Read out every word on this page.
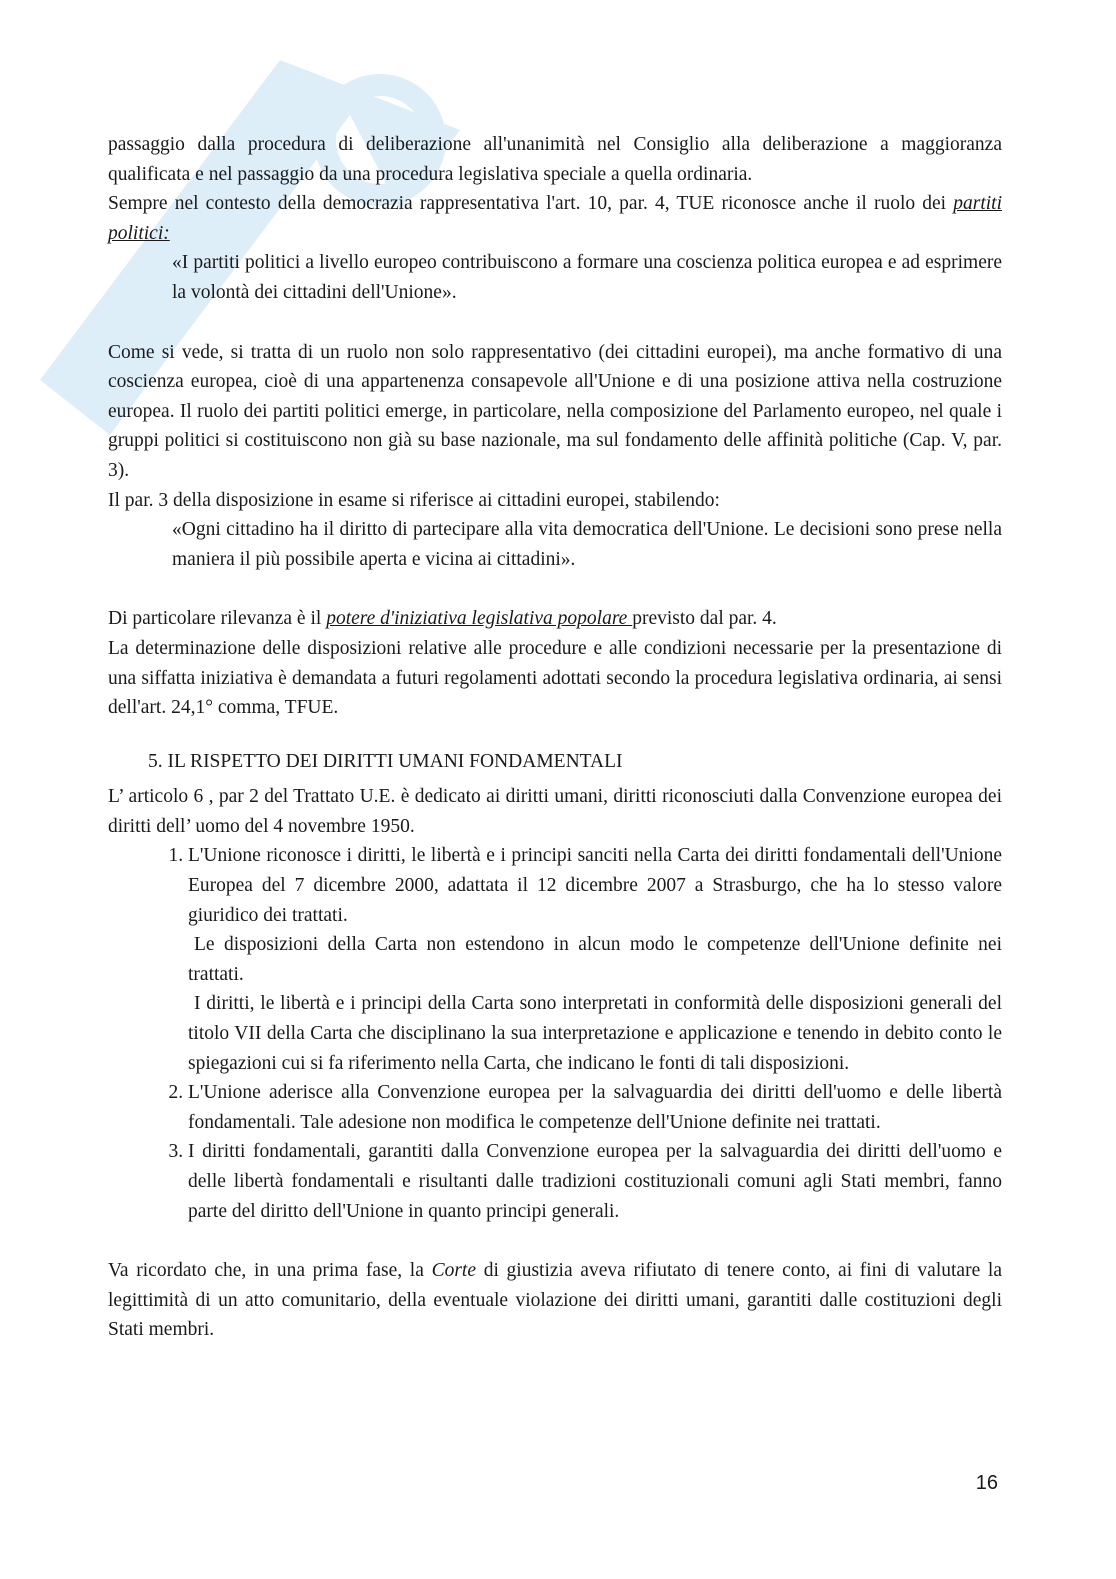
passaggio dalla procedura di deliberazione all'unanimità nel Consiglio alla deliberazione a maggioranza qualificata e nel passaggio da una procedura legislativa speciale a quella ordinaria.

Sempre nel contesto della democrazia rappresentativa l'art. 10, par. 4, TUE riconosce anche il ruolo dei partiti politici:

«I partiti politici a livello europeo contribuiscono a formare una coscienza politica europea e ad esprimere la volontà dei cittadini dell'Unione».

Come si vede, si tratta di un ruolo non solo rappresentativo (dei cittadini europei), ma anche formativo di una coscienza europea, cioè di una appartenenza consapevole all'Unione e di una posizione attiva nella costruzione europea. Il ruolo dei partiti politici emerge, in particolare, nella composizione del Parlamento europeo, nel quale i gruppi politici si costituiscono non già su base nazionale, ma sul fondamento delle affinità politiche (Cap. V, par. 3).

Il par. 3 della disposizione in esame si riferisce ai cittadini europei, stabilendo:

«Ogni cittadino ha il diritto di partecipare alla vita democratica dell'Unione. Le decisioni sono prese nella maniera il più possibile aperta e vicina ai cittadini».

Di particolare rilevanza è il potere d'iniziativa legislativa popolare previsto dal par. 4.

La determinazione delle disposizioni relative alle procedure e alle condizioni necessarie per la presentazione di una siffatta iniziativa è demandata a futuri regolamenti adottati secondo la procedura legislativa ordinaria, ai sensi dell'art. 24,1° comma, TFUE.

5. IL RISPETTO DEI DIRITTI UMANI FONDAMENTALI

L’ articolo 6 , par 2 del Trattato U.E. è dedicato ai diritti umani, diritti riconosciuti dalla Convenzione europea dei diritti dell’ uomo del 4 novembre 1950.

1. L'Unione riconosce i diritti, le libertà e i principi sanciti nella Carta dei diritti fondamentali dell'Unione Europea del 7 dicembre 2000, adattata il 12 dicembre 2007 a Strasburgo, che ha lo stesso valore giuridico dei trattati.
Le disposizioni della Carta non estendono in alcun modo le competenze dell'Unione definite nei trattati.
I diritti, le libertà e i principi della Carta sono interpretati in conformità delle disposizioni generali del titolo VII della Carta che disciplinano la sua interpretazione e applicazione e tenendo in debito conto le spiegazioni cui si fa riferimento nella Carta, che indicano le fonti di tali disposizioni.
2. L'Unione aderisce alla Convenzione europea per la salvaguardia dei diritti dell'uomo e delle libertà fondamentali. Tale adesione non modifica le competenze dell'Unione definite nei trattati.
3. I diritti fondamentali, garantiti dalla Convenzione europea per la salvaguardia dei diritti dell'uomo e delle libertà fondamentali e risultanti dalle tradizioni costituzionali comuni agli Stati membri, fanno parte del diritto dell'Unione in quanto principi generali.

Va ricordato che, in una prima fase, la Corte di giustizia aveva rifiutato di tenere conto, ai fini di valutare la legittimità di un atto comunitario, della eventuale violazione dei diritti umani, garantiti dalle costituzioni degli Stati membri.

16
